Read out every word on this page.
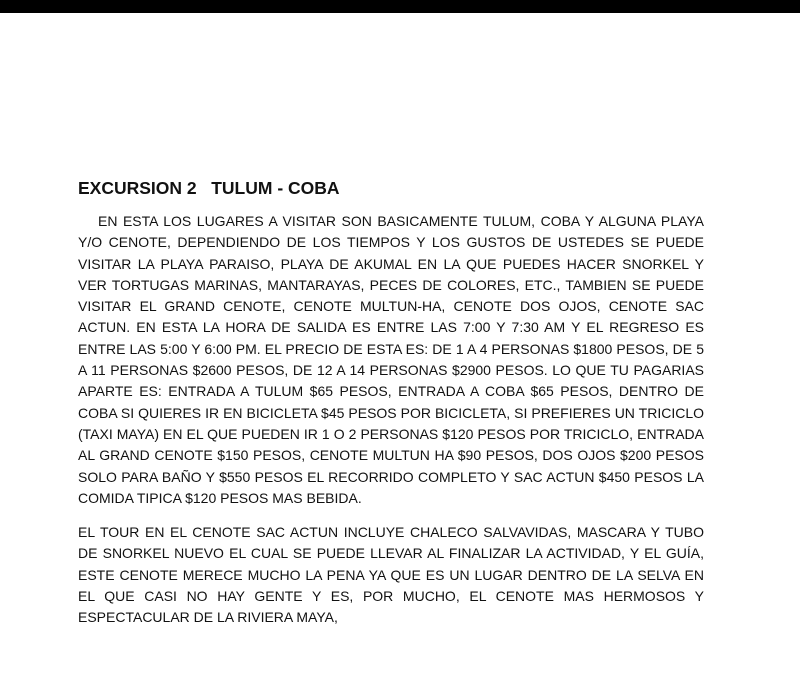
EXCURSION 2   TULUM - COBA

EN ESTA LOS LUGARES A VISITAR SON BASICAMENTE TULUM, COBA Y ALGUNA PLAYA Y/O CENOTE, DEPENDIENDO DE LOS TIEMPOS Y LOS GUSTOS DE USTEDES SE PUEDE VISITAR LA PLAYA PARAISO, PLAYA DE AKUMAL EN LA QUE PUEDES HACER SNORKEL Y VER TORTUGAS MARINAS, MANTARAYAS, PECES DE COLORES, ETC., TAMBIEN SE PUEDE VISITAR EL GRAND CENOTE, CENOTE MULTUN-HA, CENOTE DOS OJOS, CENOTE SAC ACTUN. EN ESTA LA HORA DE SALIDA ES ENTRE LAS 7:00 Y 7:30 AM Y EL REGRESO ES ENTRE LAS 5:00 Y 6:00 PM. EL PRECIO DE ESTA ES: DE 1 A 4 PERSONAS $1800 PESOS, DE 5 A 11 PERSONAS $2600 PESOS, DE 12 A 14 PERSONAS $2900 PESOS. LO QUE TU PAGARIAS APARTE ES: ENTRADA A TULUM $65 PESOS, ENTRADA A COBA $65 PESOS, DENTRO DE COBA SI QUIERES IR EN BICICLETA $45 PESOS POR BICICLETA, SI PREFIERES UN TRICICLO (TAXI MAYA) EN EL QUE PUEDEN IR 1 O 2 PERSONAS $120 PESOS POR TRICICLO, ENTRADA AL GRAND CENOTE $150 PESOS, CENOTE MULTUN HA $90 PESOS, DOS OJOS $200 PESOS SOLO PARA BAÑO Y $550 PESOS EL RECORRIDO COMPLETO Y SAC ACTUN $450 PESOS LA COMIDA TIPICA $120 PESOS MAS BEBIDA.

EL TOUR EN EL CENOTE SAC ACTUN INCLUYE CHALECO SALVAVIDAS, MASCARA Y TUBO DE SNORKEL NUEVO EL CUAL SE PUEDE LLEVAR AL FINALIZAR LA ACTIVIDAD, Y EL GUÍA, ESTE CENOTE MERECE MUCHO LA PENA YA QUE ES UN LUGAR DENTRO DE LA SELVA EN EL QUE CASI NO HAY GENTE Y ES, POR MUCHO, EL CENOTE MAS HERMOSOS Y ESPECTACULAR DE LA RIVIERA MAYA,
